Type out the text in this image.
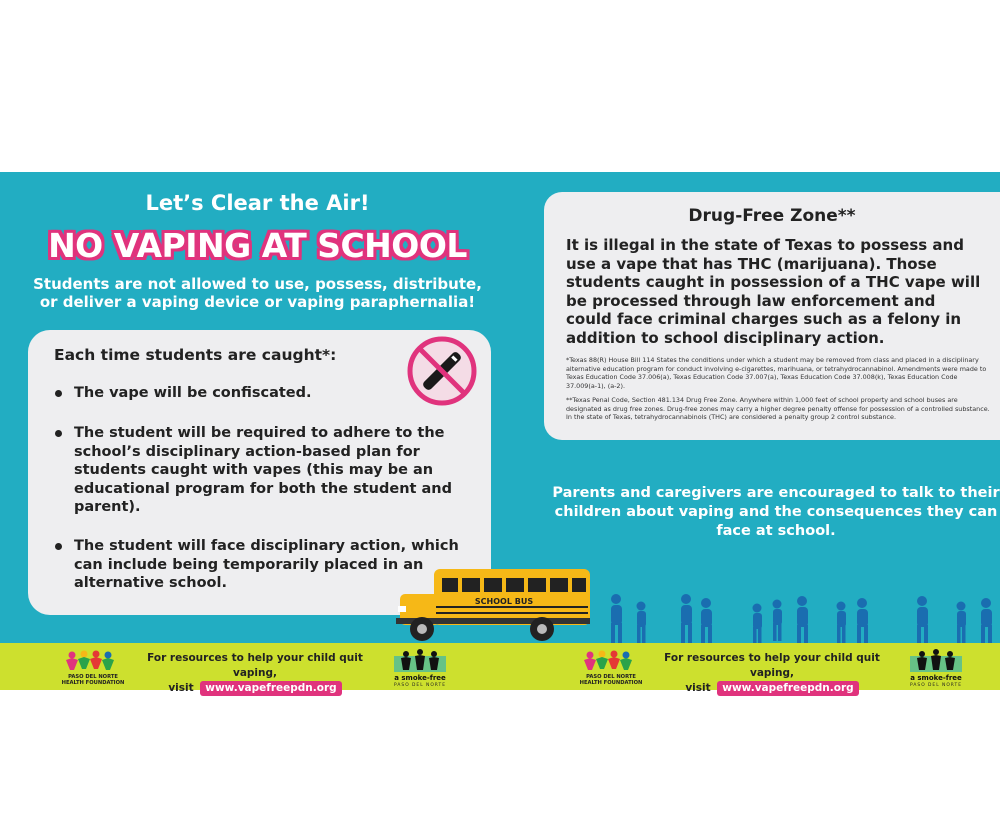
Let’s Clear the Air!
NO VAPING AT SCHOOL
Students are not allowed to use, possess, distribute, or deliver a vaping device or vaping paraphernalia!
Each time students are caught*:
The vape will be confiscated.
The student will be required to adhere to the school’s disciplinary action-based plan for students caught with vapes (this may be an educational program for both the student and parent).
The student will face disciplinary action, which can include being temporarily placed in an alternative school.
Drug-Free Zone**
It is illegal in the state of Texas to possess and use a vape that has THC (marijuana). Those students caught in possession of a THC vape will be processed through law enforcement and could face criminal charges such as a felony in addition to school disciplinary action.
*Texas 88(R) House Bill 114 States the conditions under which a student may be removed from class and placed in a disciplinary alternative education program for conduct involving e-cigarettes, marihuana, or tetrahydrocannabinol. Amendments were made to Texas Education Code 37.006(a), Texas Education Code 37.007(a), Texas Education Code 37.008(k), Texas Education Code 37.009(a-1), (a-2).
**Texas Penal Code, Section 481.134 Drug Free Zone. Anywhere within 1,000 feet of school property and school buses are designated as drug free zones. Drug-free zones may carry a higher degree penalty offense for possession of a controlled substance. In the state of Texas, tetrahydrocannabinols (THC) are considered a penalty group 2 control substance.
Parents and caregivers are encouraged to talk to their children about vaping and the consequences they can face at school.
SCHOOL BUS
PASO DEL NORTE HEALTH FOUNDATION
For resources to help your child quit vaping,
visit www.vapefreepdn.org
a smoke-free
PASO DEL NORTE
PASO DEL NORTE HEALTH FOUNDATION
For resources to help your child quit vaping,
visit www.vapefreepdn.org
a smoke-free
PASO DEL NORTE
